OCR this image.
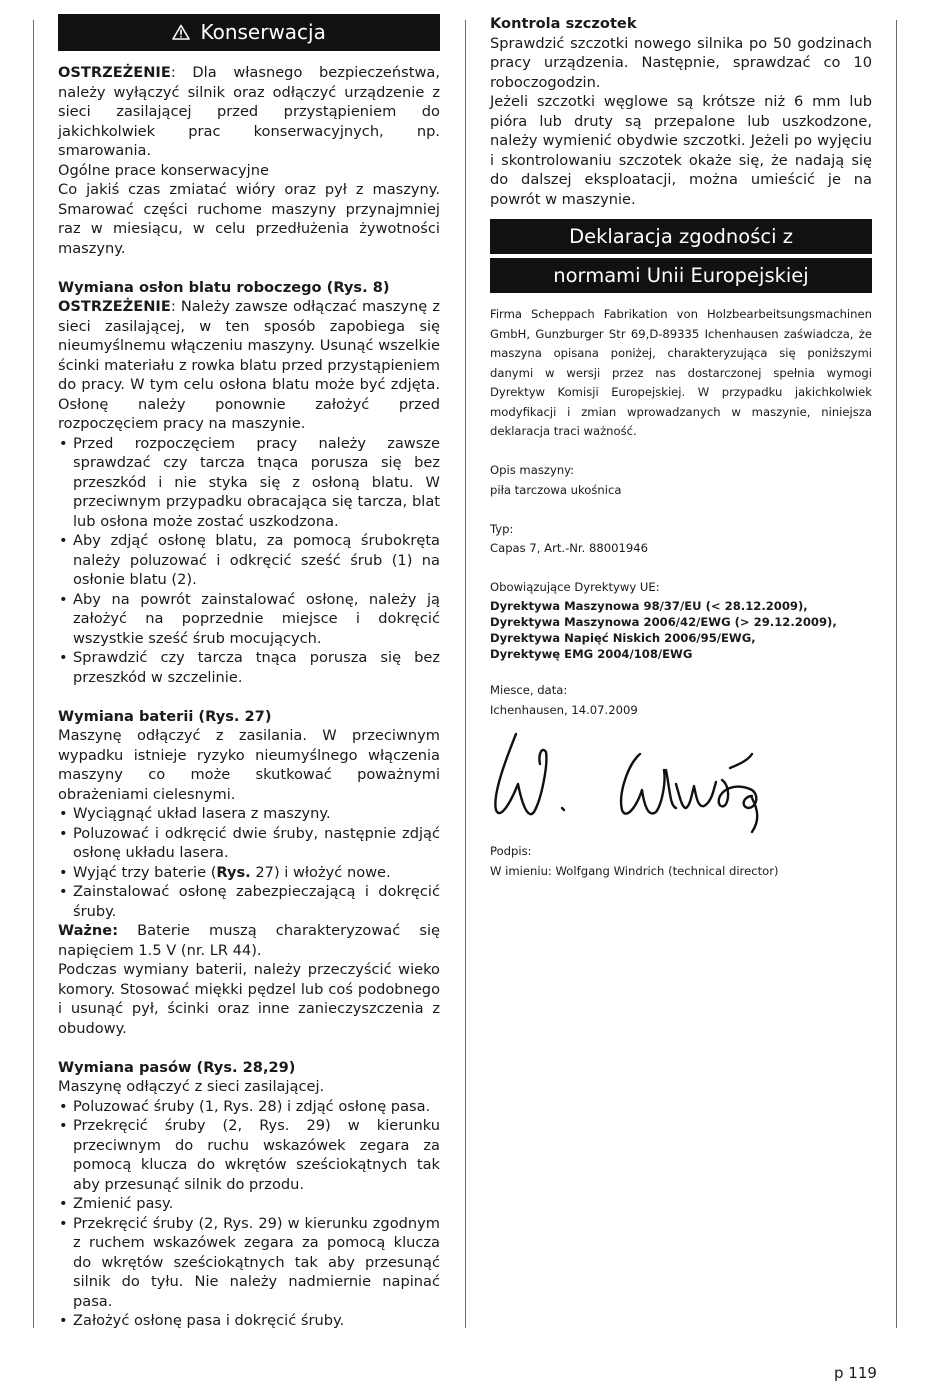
Konserwacja

OSTRZEŻENIE: Dla własnego bezpieczeństwa, należy wyłączyć silnik oraz odłączyć urządzenie z sieci zasilającej przed przystąpieniem do jakichkolwiek prac konserwacyjnych, np. smarowania.

Ogólne prace konserwacyjne

Co jakiś czas zmiatać wióry oraz pył z maszyny. Smarować części ruchome maszyny przynajmniej raz w miesiącu, w celu przedłużenia żywotności maszyny.

Wymiana osłon blatu roboczego (Rys. 8)

OSTRZEŻENIE: Należy zawsze odłączać maszynę z sieci zasilającej, w ten sposób zapobiega się nieumyślnemu włączeniu maszyny. Usunąć wszelkie ścinki materiału z rowka blatu przed przystąpieniem do pracy. W tym celu osłona blatu może być zdjęta. Osłonę należy ponownie założyć przed rozpoczęciem pracy na maszynie.

• Przed rozpoczęciem pracy należy zawsze sprawdzać czy tarcza tnąca porusza się bez przeszkód i nie styka się z osłoną blatu. W przeciwnym przypadku obracająca się tarcza, blat lub osłona może zostać uszkodzona.
• Aby zdjąć osłonę blatu, za pomocą śrubokręta należy poluzować i odkręcić sześć śrub (1) na osłonie blatu (2).
• Aby na powrót zainstalować osłonę, należy ją założyć na poprzednie miejsce i dokręcić wszystkie sześć śrub mocujących.
• Sprawdzić czy tarcza tnąca porusza się bez przeszkód w szczelinie.

Wymiana baterii (Rys. 27)

Maszynę odłączyć z zasilania. W przeciwnym wypadku istnieje ryzyko nieumyślnego włączenia maszyny co może skutkować poważnymi obrażeniami cielesnymi.

• Wyciągnąć układ lasera z maszyny.
• Poluzować i odkręcić dwie śruby, następnie zdjąć osłonę układu lasera.
• Wyjąć trzy baterie (Rys. 27) i włożyć nowe.
• Zainstalować osłonę zabezpieczającą i dokręcić śruby.

Ważne: Baterie muszą charakteryzować się napięciem 1.5 V (nr. LR 44).

Podczas wymiany baterii, należy przeczyścić wieko komory. Stosować miękki pędzel lub coś podobnego i usunąć pył, ścinki oraz inne zanieczyszczenia z obudowy.

Wymiana pasów (Rys. 28,29)

Maszynę odłączyć z sieci zasilającej.

• Poluzować śruby (1, Rys. 28) i zdjąć osłonę pasa.
• Przekręcić śruby (2, Rys. 29) w kierunku przeciwnym do ruchu wskazówek zegara za pomocą klucza do wkrętów sześciokątnych tak aby przesunąć silnik do przodu.
• Zmienić pasy.
• Przekręcić śruby (2, Rys. 29) w kierunku zgodnym z ruchem wskazówek zegara za pomocą klucza do wkrętów sześciokątnych tak aby przesunąć silnik do tyłu. Nie należy nadmiernie napinać pasa.
• Założyć osłonę pasa i dokręcić śruby.

Kontrola szczotek

Sprawdzić szczotki nowego silnika po 50 godzinach pracy urządzenia. Następnie, sprawdzać co 10 roboczogodzin.

Jeżeli szczotki węglowe są krótsze niż 6 mm lub pióra lub druty są przepalone lub uszkodzone, należy wymienić obydwie szczotki. Jeżeli po wyjęciu i skontrolowaniu szczotek okaże się, że nadają się do dalszej eksploatacji, można umieścić je na powrót w maszynie.

Deklaracja zgodności z
normami Unii Europejskiej

Firma Scheppach Fabrikation von Holzbearbeitsungsmachinen GmbH, Gunzburger Str 69,D-89335 Ichenhausen zaświadcza, że maszyna opisana poniżej, charakteryzująca się poniższymi danymi w wersji przez nas dostarczonej spełnia wymogi Dyrektyw Komisji Europejskiej. W przypadku jakichkolwiek modyfikacji i zmian wprowadzanych w maszynie, niniejsza deklaracja traci ważność.

Opis maszyny:

piła tarczowa ukośnica

Typ:

Capas 7, Art.-Nr. 88001946

Obowiązujące Dyrektywy UE:

Dyrektywa Maszynowa 98/37/EU (< 28.12.2009),

Dyrektywa Maszynowa 2006/42/EWG (> 29.12.2009),

Dyrektywa Napięć Niskich 2006/95/EWG,

Dyrektywę EMG 2004/108/EWG

Miesce, data:

Ichenhausen, 14.07.2009

Podpis:

W imieniu: Wolfgang Windrich (technical director)

p 119
